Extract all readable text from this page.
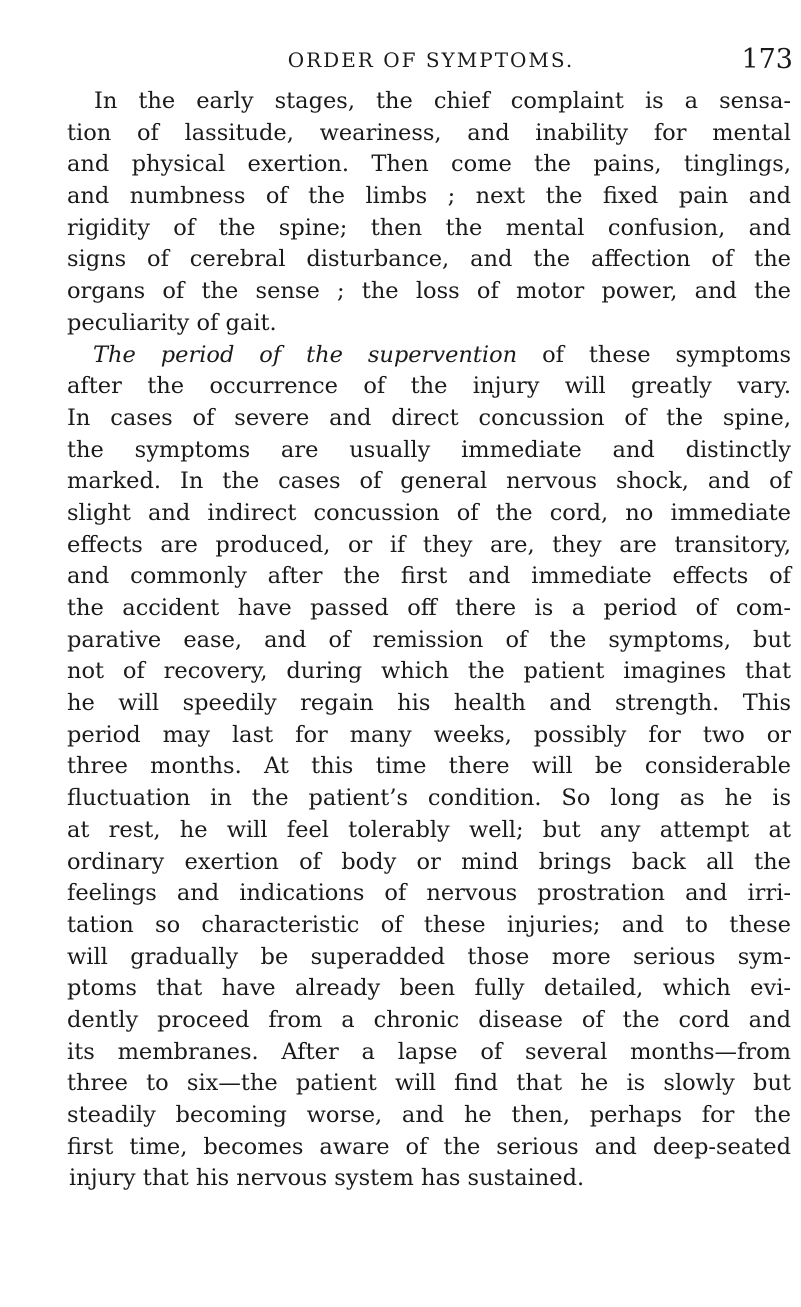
ORDER OF SYMPTOMS.	173
In the early stages, the chief complaint is a sensa-
tion of lassitude, weariness, and inability for mental
and physical exertion. Then come the pains, tinglings,
and numbness of the limbs ; next the fixed pain and
rigidity of the spine; then the mental confusion, and
signs of cerebral disturbance, and the affection of the
organs of the sense ; the loss of motor power, and the
peculiarity of gait.
The period of the supervention of these symptoms
after the occurrence of the injury will greatly vary.
In cases of severe and direct concussion of the spine,
the symptoms are usually immediate and distinctly
marked. In the cases of general nervous shock, and of
slight and indirect concussion of the cord, no immediate
effects are produced, or if they are, they are transitory,
and commonly after the first and immediate effects of
the accident have passed off there is a period of com-
parative ease, and of remission of the symptoms, but
not of recovery, during which the patient imagines that
he will speedily regain his health and strength. This
period may last for many weeks, possibly for two or
three months. At this time there will be considerable
fluctuation in the patient’s condition. So long as he is
at rest, he will feel tolerably well; but any attempt at
ordinary exertion of body or mind brings back all the
feelings and indications of nervous prostration and irri-
tation so characteristic of these injuries; and to these
will gradually be superadded those more serious sym-
ptoms that have already been fully detailed, which evi-
dently proceed from a chronic disease of the cord and
its membranes. After a lapse of several months—from
three to six—the patient will find that he is slowly but
steadily becoming worse, and he then, perhaps for the
first time, becomes aware of the serious and deep-seated
injury that his nervous system has sustained.
